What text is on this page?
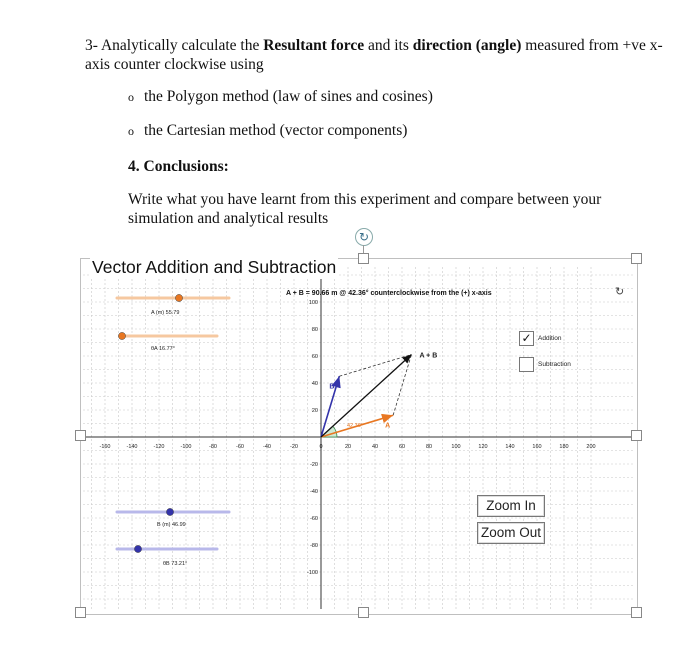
3- Analytically calculate the Resultant force and its direction (angle) measured from +ve x-axis counter clockwise using
o the Polygon method (law of sines and cosines)
o the Cartesian method (vector components)
4. Conclusions:
Write what you have learnt from this experiment and compare between your simulation and analytical results
↻
-160	-140	-120	-100	-80	-60	-40	-20	0	20	40	60	80	100	120	140	160	180	200
100
80
60
40
20
-20
-40
-60
-80
-100
A
B
A + B
42.36°
A + B = 90.66 m @ 42.36° counterclockwise from the (+) x-axis
A (m) 55.79
θA 16.77°
B (m) 46.99
θB 73.21°
Vector Addition and Subtraction
↻
✓ Addition
Subtraction
Zoom In
Zoom Out
